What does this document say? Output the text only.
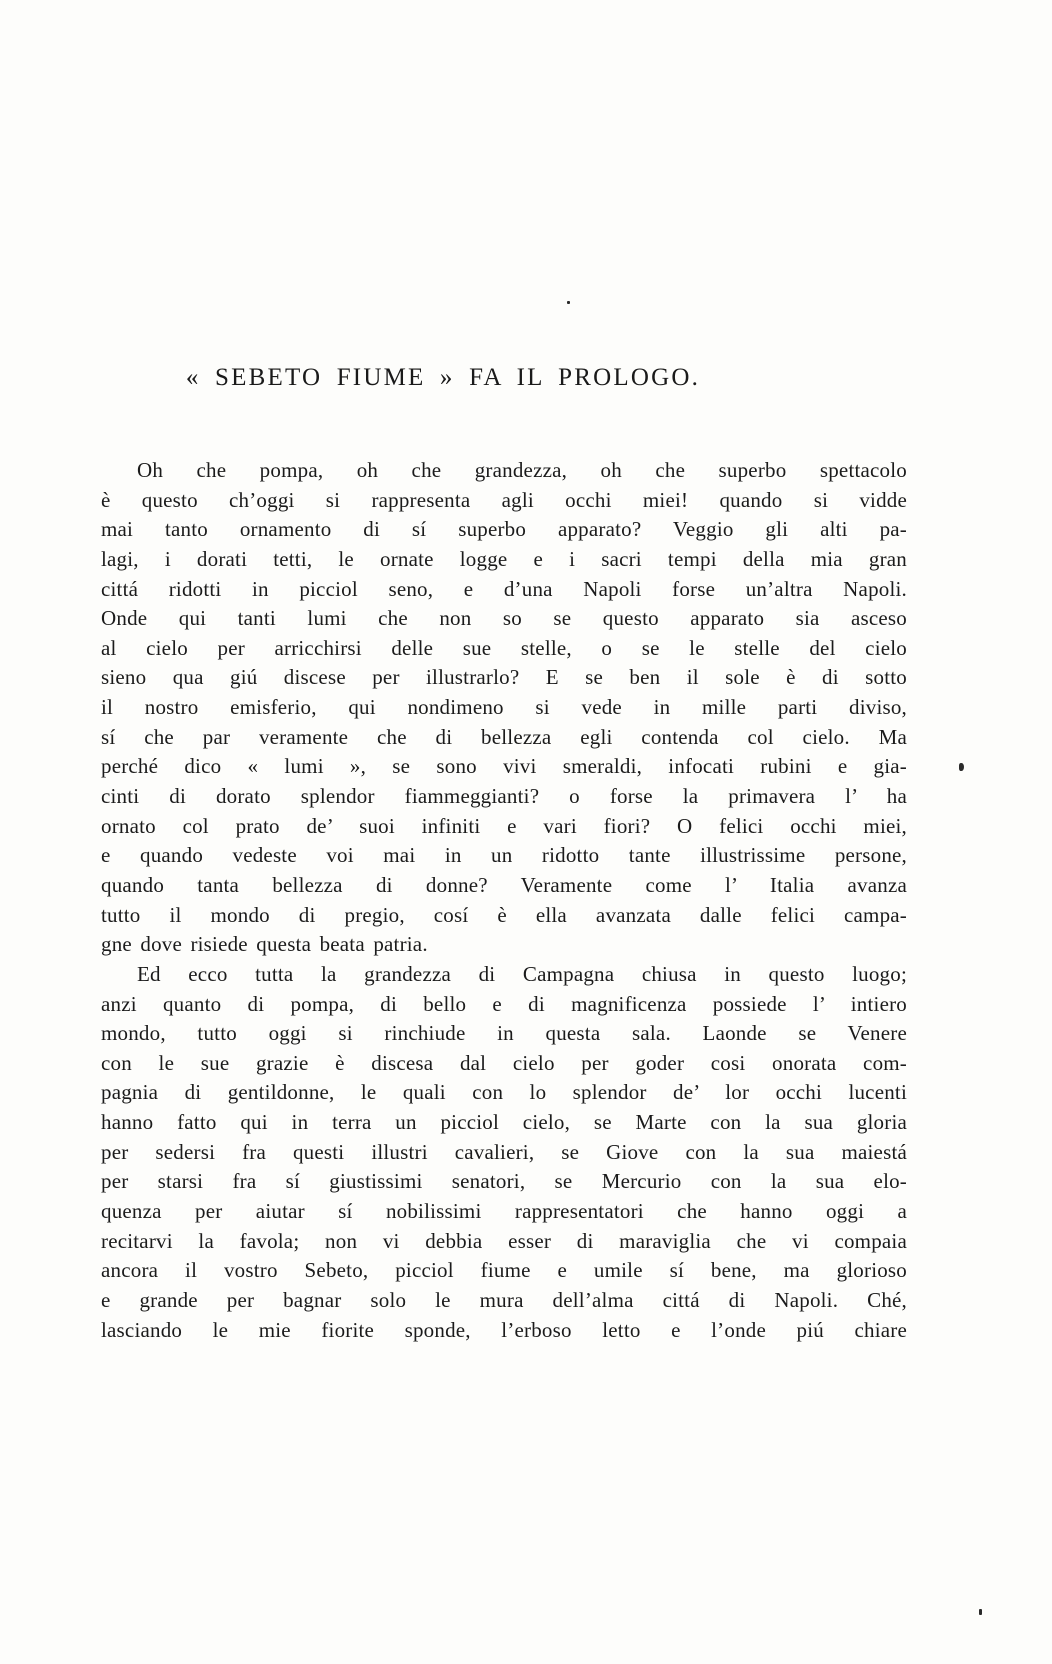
« SEBETO FIUME » FA IL PROLOGO.
Oh che pompa, oh che grandezza, oh che superbo spettacolo
è questo ch’oggi si rappresenta agli occhi miei! quando si vidde
mai tanto ornamento di sí superbo apparato? Veggio gli alti pa-
lagi, i dorati tetti, le ornate logge e i sacri tempi della mia gran
cittá ridotti in picciol seno, e d’una Napoli forse un’altra Napoli.
Onde qui tanti lumi che non so se questo apparato sia asceso
al cielo per arricchirsi delle sue stelle, o se le stelle del cielo
sieno qua giú discese per illustrarlo? E se ben il sole è di sotto
il nostro emisferio, qui nondimeno si vede in mille parti diviso,
sí che par veramente che di bellezza egli contenda col cielo. Ma
perché dico « lumi », se sono vivi smeraldi, infocati rubini e gia-
cinti di dorato splendor fiammeggianti? o forse la primavera l’ ha
ornato col prato de’ suoi infiniti e vari fiori? O felici occhi miei,
e quando vedeste voi mai in un ridotto tante illustrissime persone,
quando tanta bellezza di donne? Veramente come l’ Italia avanza
tutto il mondo di pregio, cosí è ella avanzata dalle felici campa-
gne dove risiede questa beata patria.
Ed ecco tutta la grandezza di Campagna chiusa in questo luogo;
anzi quanto di pompa, di bello e di magnificenza possiede l’ intiero
mondo, tutto oggi si rinchiude in questa sala. Laonde se Venere
con le sue grazie è discesa dal cielo per goder cosi onorata com-
pagnia di gentildonne, le quali con lo splendor de’ lor occhi lucenti
hanno fatto qui in terra un picciol cielo, se Marte con la sua gloria
per sedersi fra questi illustri cavalieri, se Giove con la sua maiestá
per starsi fra sí giustissimi senatori, se Mercurio con la sua elo-
quenza per aiutar sí nobilissimi rappresentatori che hanno oggi a
recitarvi la favola; non vi debbia esser di maraviglia che vi compaia
ancora il vostro Sebeto, picciol fiume e umile sí bene, ma glorioso
e grande per bagnar solo le mura dell’alma cittá di Napoli. Ché,
lasciando le mie fiorite sponde, l’erboso letto e l’onde piú chiare
